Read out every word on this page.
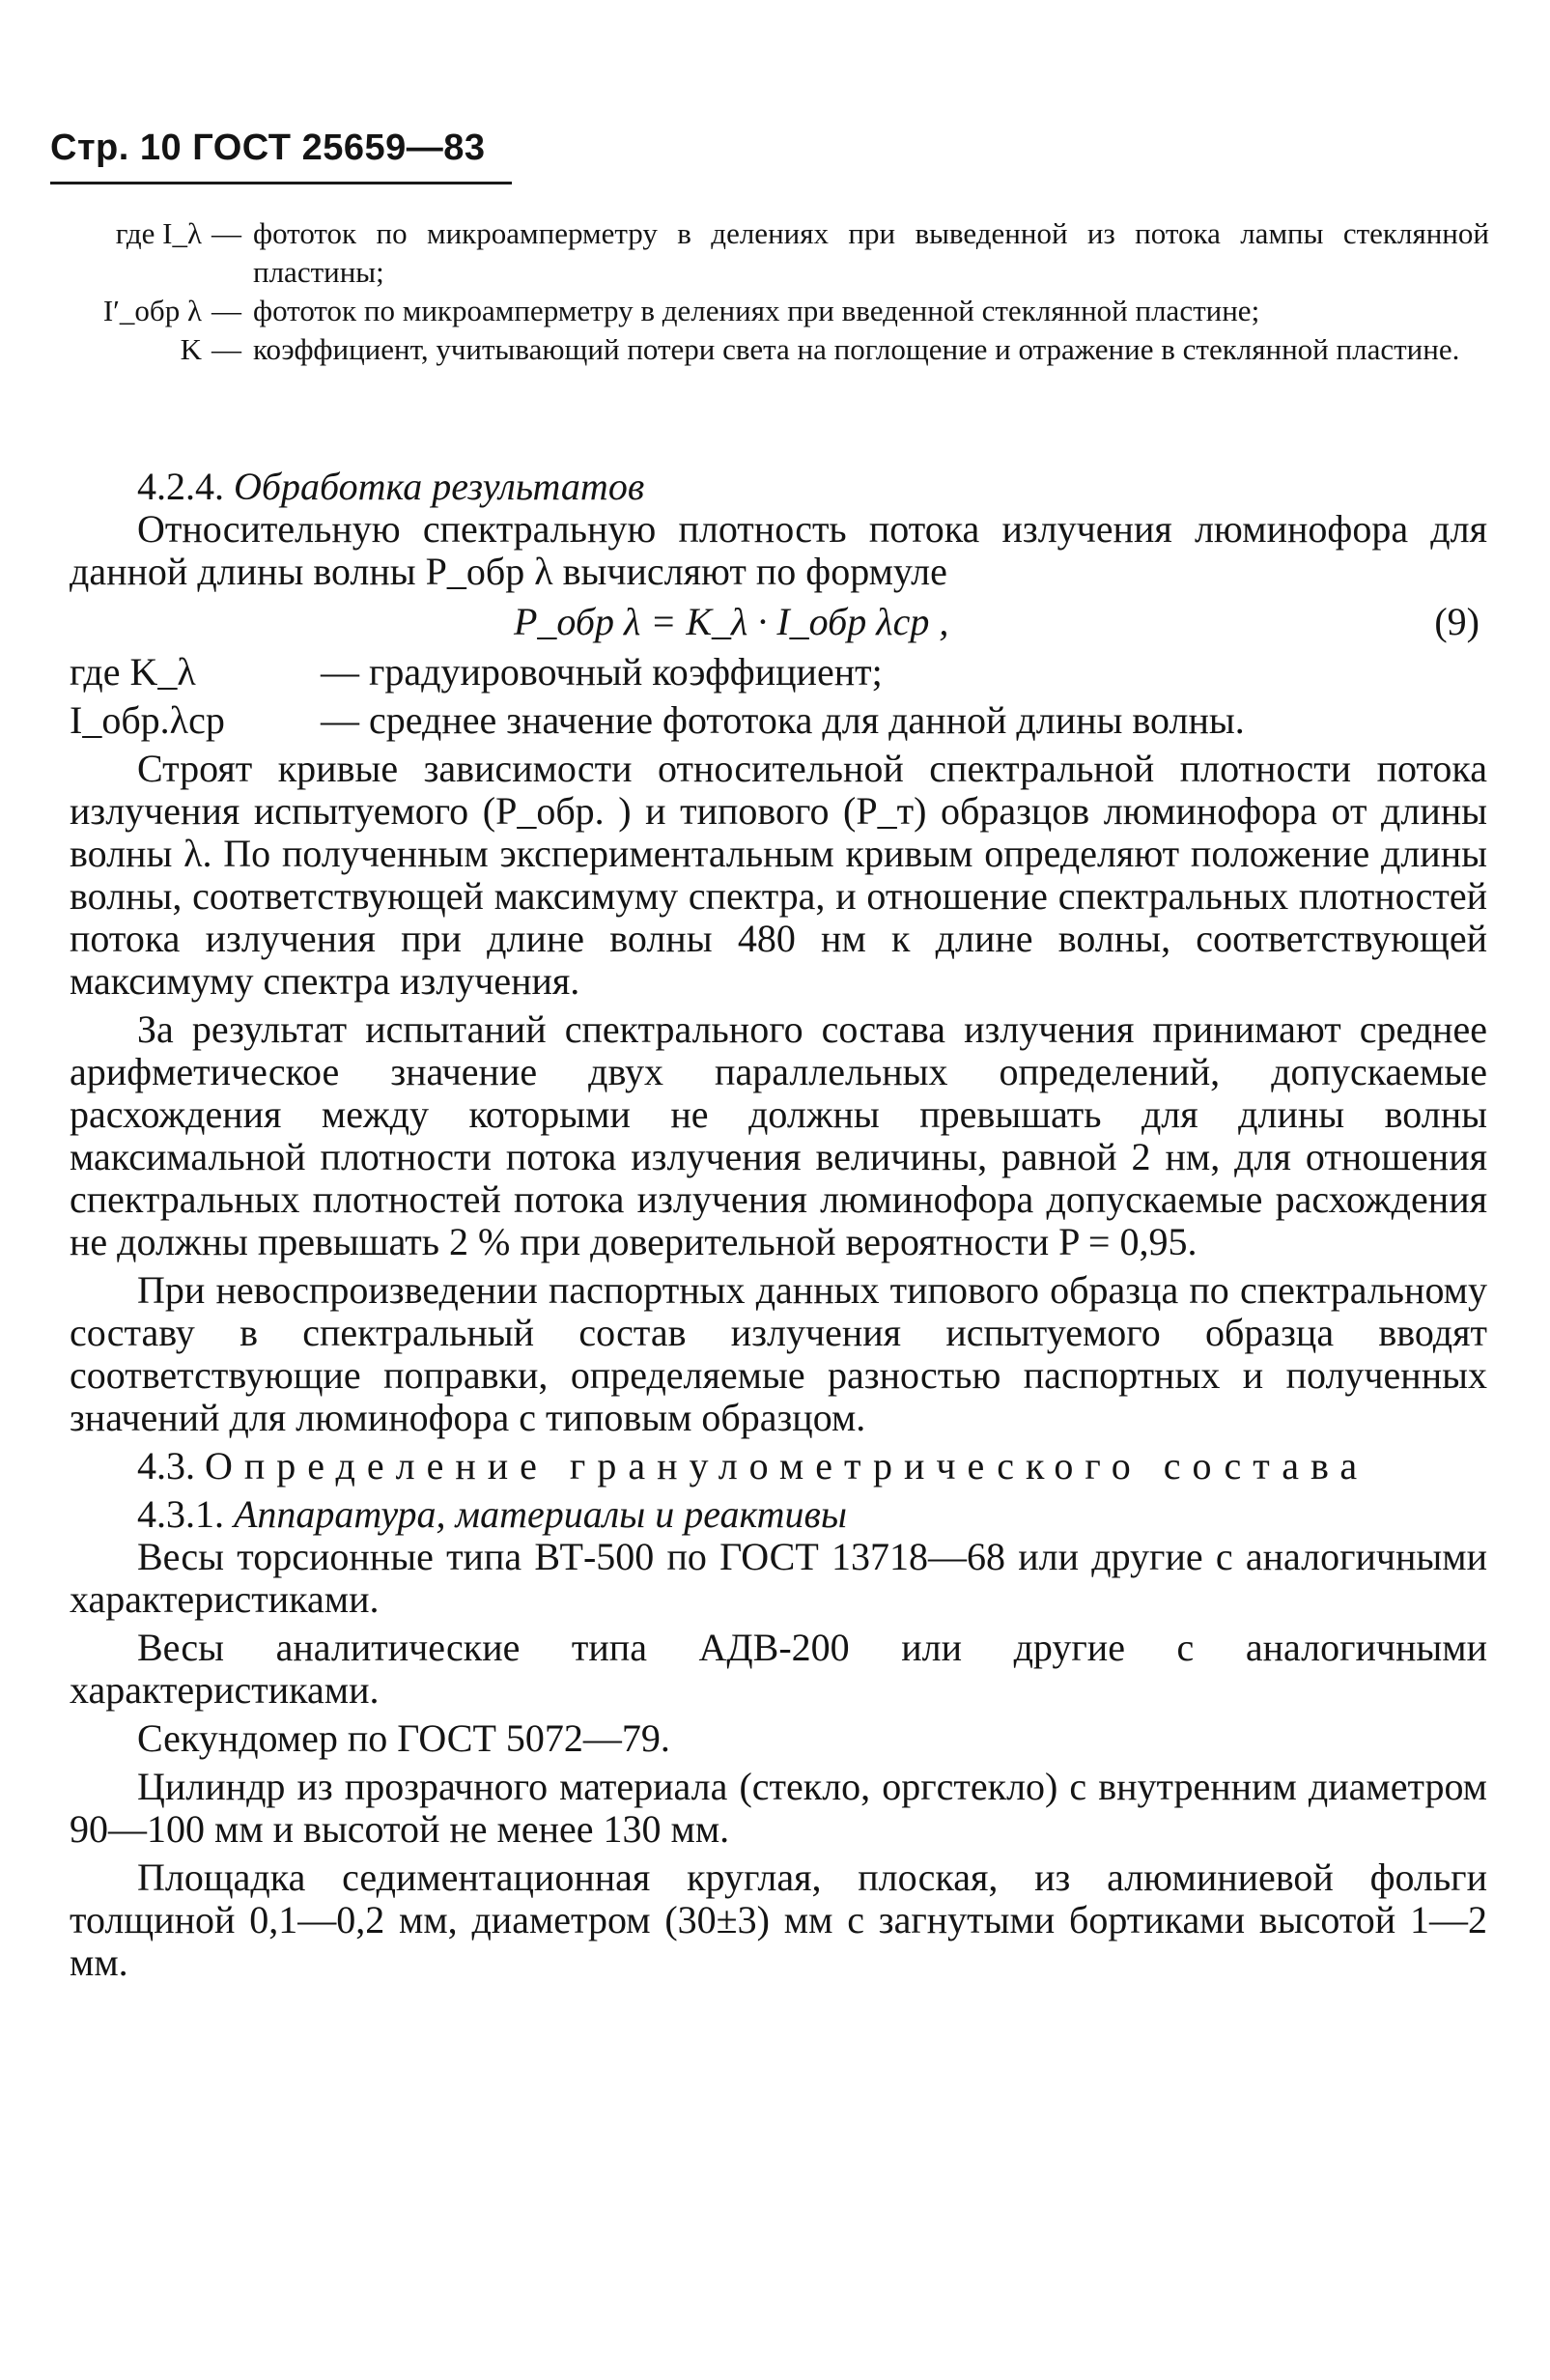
Стр. 10 ГОСТ 25659—83
где I_λ — фототок по микроамперметру в делениях при выведенной из потока лампы стеклянной пластины;
I′_обр λ — фототок по микроамперметру в делениях при введенной стеклянной пластине;
K — коэффициент, учитывающий потери света на поглощение и отражение в стеклянной пластине.

4.2.4. Обработка результатов

Относительную спектральную плотность потока излучения люминофора для данной длины волны P_обр λ вычисляют по формуле

P_обр λ = K_λ · I_обр λср ,	(9)
где K_λ	— градуировочный коэффициент;
I_обр.λср — среднее значение фототока для данной длины волны.

Строят кривые зависимости относительной спектральной плотности потока излучения испытуемого (P_обр. ) и типового (P_т) образцов люминофора от длины волны λ. По полученным экспериментальным кривым определяют положение длины волны, соответствующей максимуму спектра, и отношение спектральных плотностей потока излучения при длине волны 480 нм к длине волны, соответствующей максимуму спектра излучения.

За результат испытаний спектрального состава излучения принимают среднее арифметическое значение двух параллельных определений, допускаемые расхождения между которыми не должны превышать для длины волны максимальной плотности потока излучения величины, равной 2 нм, для отношения спектральных плотностей потока излучения люминофора допускаемые расхождения не должны превышать 2 % при доверительной вероятности P = 0,95.

При невоспроизведении паспортных данных типового образца по спектральному составу в спектральный состав излучения испытуемого образца вводят соответствующие поправки, определяемые разностью паспортных и полученных значений для люминофора с типовым образцом.

4.3. Определение гранулометрического состава

4.3.1. Аппаратура, материалы и реактивы

Весы торсионные типа ВТ-500 по ГОСТ 13718—68 или другие с аналогичными характеристиками.

Весы аналитические типа АДВ-200 или другие с аналогичными характеристиками.

Секундомер по ГОСТ 5072—79.

Цилиндр из прозрачного материала (стекло, оргстекло) с внутренним диаметром 90—100 мм и высотой не менее 130 мм.

Площадка седиментационная круглая, плоская, из алюминиевой фольги толщиной 0,1—0,2 мм, диаметром (30±3) мм с загнутыми бортиками высотой 1—2 мм.
